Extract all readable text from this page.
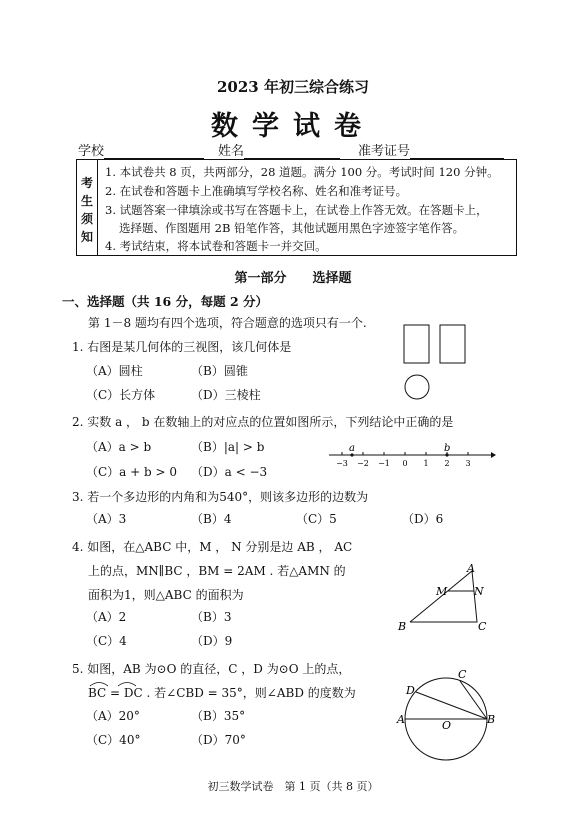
2023 年初三综合练习
数学试卷
学校	姓名	准考证号
考
生
须
知
1. 本试卷共 8 页，共两部分，28 道题。满分 100 分。考试时间 120 分钟。
2. 在试卷和答题卡上准确填写学校名称、姓名和准考证号。
3. 试题答案一律填涂或书写在答题卡上，在试卷上作答无效。在答题卡上，
选择题、作图题用 2B 铅笔作答，其他试题用黑色字迹签字笔作答。
4. 考试结束，将本试卷和答题卡一并交回。
第一部分　　选择题
一、选择题（共 16 分，每题 2 分）
第 1－8 题均有四个选项，符合题意的选项只有一个.
1. 右图是某几何体的三视图，该几何体是
（A）圆柱	（B）圆锥
（C）长方体	（D）三棱柱
2. 实数 a ， b 在数轴上的对应点的位置如图所示，下列结论中正确的是
（A）a > b	（B）|a| > b
（C）a + b > 0 （D）a < −3
−3 −2 −1 0 1 2 3
a	b
3. 若一个多边形的内角和为540°，则该多边形的边数为
（A）3	（B）4	（C）5	（D）6
4. 如图，在△ABC 中，M ， N 分别是边 AB ， AC
上的点，MN∥BC ，BM = 2AM . 若△AMN 的
面积为1，则△ABC 的面积为
（A）2	（B）3
（C）4	（D）9
A
M N
B	C
5. 如图，AB 为⊙O 的直径，C ，D 为⊙O 上的点，
BC = DC . 若∠CBD = 35°，则∠ABD 的度数为
（A）20°	（B）35°
（C）40°	（D）70°
A	B
C
D
O
初三数学试卷　第 1 页（共 8 页）
